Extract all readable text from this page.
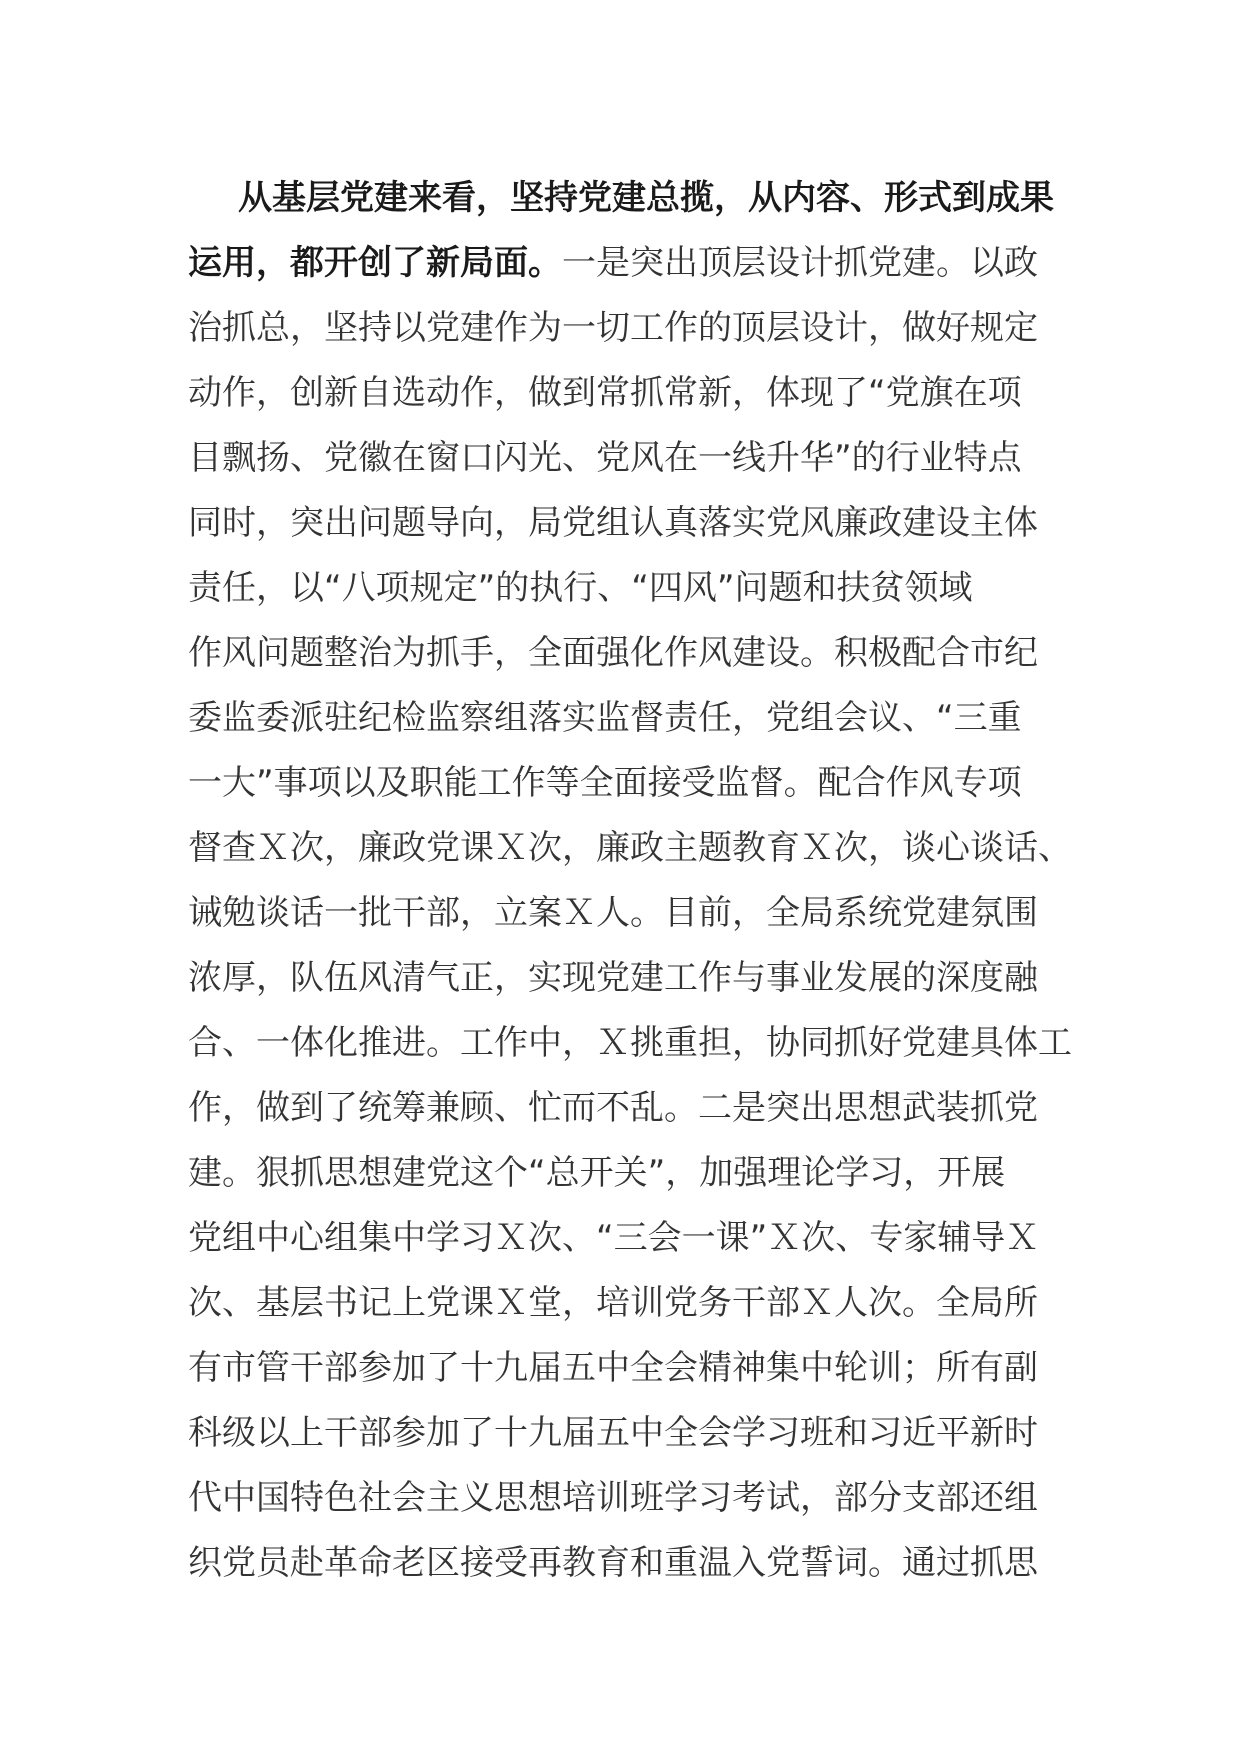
从基层党建来看，坚持党建总揽，从内容、形式到成果
运用，都开创了新局面。一是突出顶层设计抓党建。以政
治抓总，坚持以党建作为一切工作的顶层设计，做好规定
动作，创新自选动作，做到常抓常新，体现了“党旗在项
目飘扬、党徽在窗口闪光、党风在一线升华”的行业特点
同时，突出问题导向，局党组认真落实党风廉政建设主体
责任，以“八项规定”的执行、“四风”问题和扶贫领域
作风问题整治为抓手，全面强化作风建设。积极配合市纪
委监委派驻纪检监察组落实监督责任，党组会议、“三重
一大”事项以及职能工作等全面接受监督。配合作风专项
督查Ｘ次，廉政党课Ｘ次，廉政主题教育Ｘ次，谈心谈话、
诫勉谈话一批干部，立案Ｘ人。目前，全局系统党建氛围
浓厚，队伍风清气正，实现党建工作与事业发展的深度融
合、一体化推进。工作中，Ｘ挑重担，协同抓好党建具体工
作，做到了统筹兼顾、忙而不乱。二是突出思想武装抓党
建。狠抓思想建党这个“总开关”，加强理论学习，开展
党组中心组集中学习Ｘ次、“三会一课”Ｘ次、专家辅导Ｘ
次、基层书记上党课Ｘ堂，培训党务干部Ｘ人次。全局所
有市管干部参加了十九届五中全会精神集中轮训；所有副
科级以上干部参加了十九届五中全会学习班和习近平新时
代中国特色社会主义思想培训班学习考试，部分支部还组
织党员赴革命老区接受再教育和重温入党誓词。通过抓思
